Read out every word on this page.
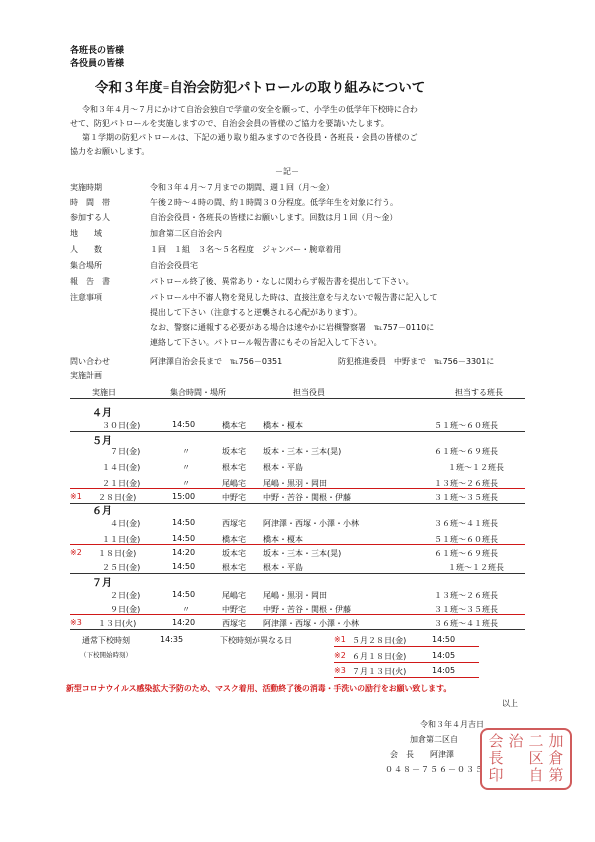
各班長の皆様
各役員の皆様
令和３年度＝自治会防犯パトロールの取り組みについて
令和３年４月～７月にかけて自治会独自で学童の安全を願って、小学生の低学年下校時に合わ
せて、防犯パトロールを実施しますので、自治会会員の皆様のご協力を要請いたします。
第１学期の防犯パトロールは、下記の通り取り組みますので各役員・各班長・会員の皆様のご
協力をお願いします。
－記－
実施時期	令和３年４月～７月までの期間、週１回（月～金）
時　間　帯	午後２時～４時の間、約１時間３０分程度。低学年生を対象に行う。
参加する人	自治会役員・各班長の皆様にお願いします。回数は月１回（月～金）
地　　域	加倉第二区自治会内
人　　数	１回　１組　３名～５名程度　ジャンパー・腕章着用
集合場所	自治会役員宅
報　告　書	パトロール終了後、異常あり・なしに関わらず報告書を提出して下さい。
注意事項	パトロール中不審人物を発見した時は、直接注意を与えないで報告書に記入して
提出して下さい（注意すると逆襲される心配があります）。
なお、警察に通報する必要がある場合は速やかに岩槻警察署　℡757－0110に
連絡して下さい。パトロール報告書にもその旨記入して下さい。
問い合わせ	阿津澤自治会長まで　℡756－0351	防犯推進委員　中野まで　℡756－3301に
実施計画
実施日	集合時間・場所	担当役員	担当する班長
４月
３０日(金)	14:50	橋本宅 橋本・榎本	５１班～６０班長
５月
７日(金)	〃	坂本宅 坂本・三本・三本(晃)	６１班～６９班長
１４日(金)	〃	根本宅 根本・平島	１班～１２班長
２１日(金)	〃	尾嶋宅 尾嶋・黒羽・岡田	１３班～２６班長
※1 ２８日(金)	15:00	中野宅 中野・苦谷・関根・伊藤	３１班～３５班長
６月
４日(金)	14:50	西塚宅 阿津澤・西塚・小澤・小林	３６班～４１班長
１１日(金)	14:50	橋本宅 橋本・榎本	５１班～６０班長
※2 １８日(金)	14:20	坂本宅 坂本・三本・三本(晃)	６１班～６９班長
２５日(金)	14:50	根本宅 根本・平島	１班～１２班長
７月
２日(金)	14:50	尾嶋宅 尾嶋・黒羽・岡田	１３班～２６班長
９日(金)	〃	中野宅 中野・苦谷・関根・伊藤	３１班～３５班長
※3 １３日(火)	14:20	西塚宅 阿津澤・西塚・小澤・小林	３６班～４１班長
通常下校時刻	14:35	下校時刻が異なる日
（下校開始時刻）
※1 ５月２８日(金)	14:50
※2 ６月１８日(金)	14:05
※3 ７月１３日(火)	14:05
新型コロナウイルス感染拡大予防のため、マスク着用、活動終了後の消毒・手洗いの励行をお願い致します。
以上
令和３年４月吉日
加倉第二区自
会　長 阿津澤
０４８－７５６－０３５
加
倉
第
二
区
自
治
会
長
印
